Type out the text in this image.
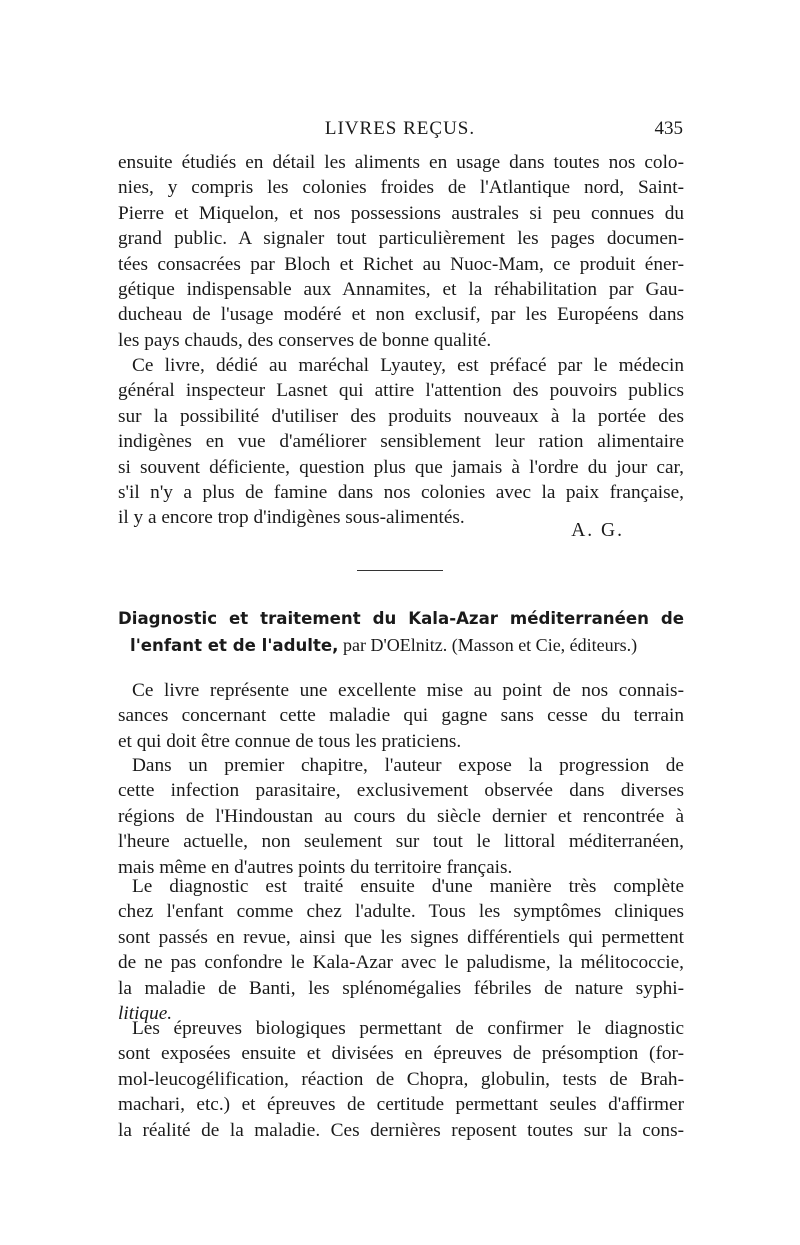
LIVRES REÇUS.	435
ensuite étudiés en détail les aliments en usage dans toutes nos colo-
nies, y compris les colonies froides de l'Atlantique nord, Saint-
Pierre et Miquelon, et nos possessions australes si peu connues du
grand public. A signaler tout particulièrement les pages documen-
tées consacrées par Bloch et Richet au Nuoc-Mam, ce produit éner-
gétique indispensable aux Annamites, et la réhabilitation par Gau-
ducheau de l'usage modéré et non exclusif, par les Européens dans
les pays chauds, des conserves de bonne qualité.
Ce livre, dédié au maréchal Lyautey, est préfacé par le médecin
général inspecteur Lasnet qui attire l'attention des pouvoirs publics
sur la possibilité d'utiliser des produits nouveaux à la portée des
indigènes en vue d'améliorer sensiblement leur ration alimentaire
si souvent déficiente, question plus que jamais à l'ordre du jour car,
s'il n'y a plus de famine dans nos colonies avec la paix française,
il y a encore trop d'indigènes sous-alimentés.
A. G.
Diagnostic et traitement du Kala-Azar méditerranéen de
l'enfant et de l'adulte, par D'OElnitz. (Masson et Cie, éditeurs.)
Ce livre représente une excellente mise au point de nos connais-
sances concernant cette maladie qui gagne sans cesse du terrain
et qui doit être connue de tous les praticiens.
Dans un premier chapitre, l'auteur expose la progression de
cette infection parasitaire, exclusivement observée dans diverses
régions de l'Hindoustan au cours du siècle dernier et rencontrée à
l'heure actuelle, non seulement sur tout le littoral méditerranéen,
mais même en d'autres points du territoire français.
Le diagnostic est traité ensuite d'une manière très complète
chez l'enfant comme chez l'adulte. Tous les symptômes cliniques
sont passés en revue, ainsi que les signes différentiels qui permettent
de ne pas confondre le Kala-Azar avec le paludisme, la mélitococcie,
la maladie de Banti, les splénomégalies fébriles de nature syphi-
litique.
Les épreuves biologiques permettant de confirmer le diagnostic
sont exposées ensuite et divisées en épreuves de présomption (for-
mol-leucogélification, réaction de Chopra, globulin, tests de Brah-
machari, etc.) et épreuves de certitude permettant seules d'affirmer
la réalité de la maladie. Ces dernières reposent toutes sur la cons-
